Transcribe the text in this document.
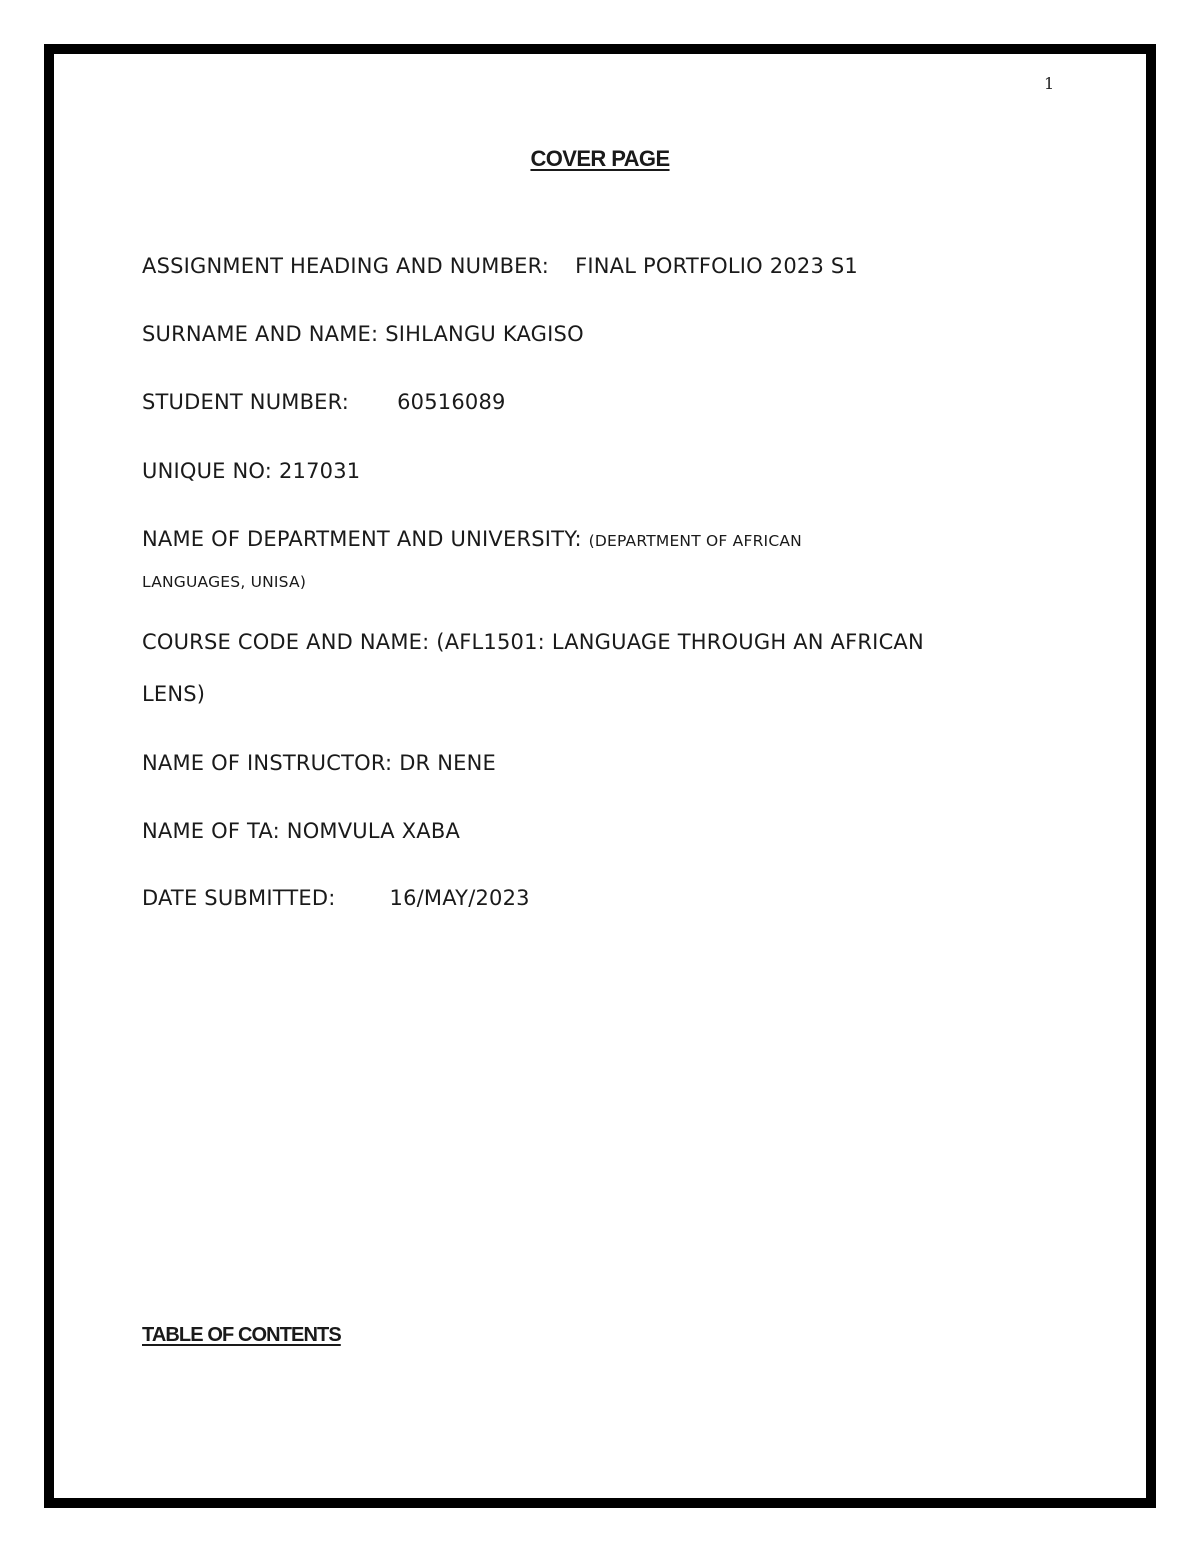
1
COVER PAGE
ASSIGNMENT HEADING AND NUMBER: FINAL PORTFOLIO 2023 S1
SURNAME AND NAME: SIHLANGU KAGISO
STUDENT NUMBER: 60516089
UNIQUE NO: 217031
NAME OF DEPARTMENT AND UNIVERSITY: (DEPARTMENT OF AFRICAN
LANGUAGES, UNISA)
COURSE CODE AND NAME: (AFL1501: LANGUAGE THROUGH AN AFRICAN
LENS)
NAME OF INSTRUCTOR: DR NENE
NAME OF TA: NOMVULA XABA
DATE SUBMITTED:	16/MAY/2023
TABLE OF CONTENTS
